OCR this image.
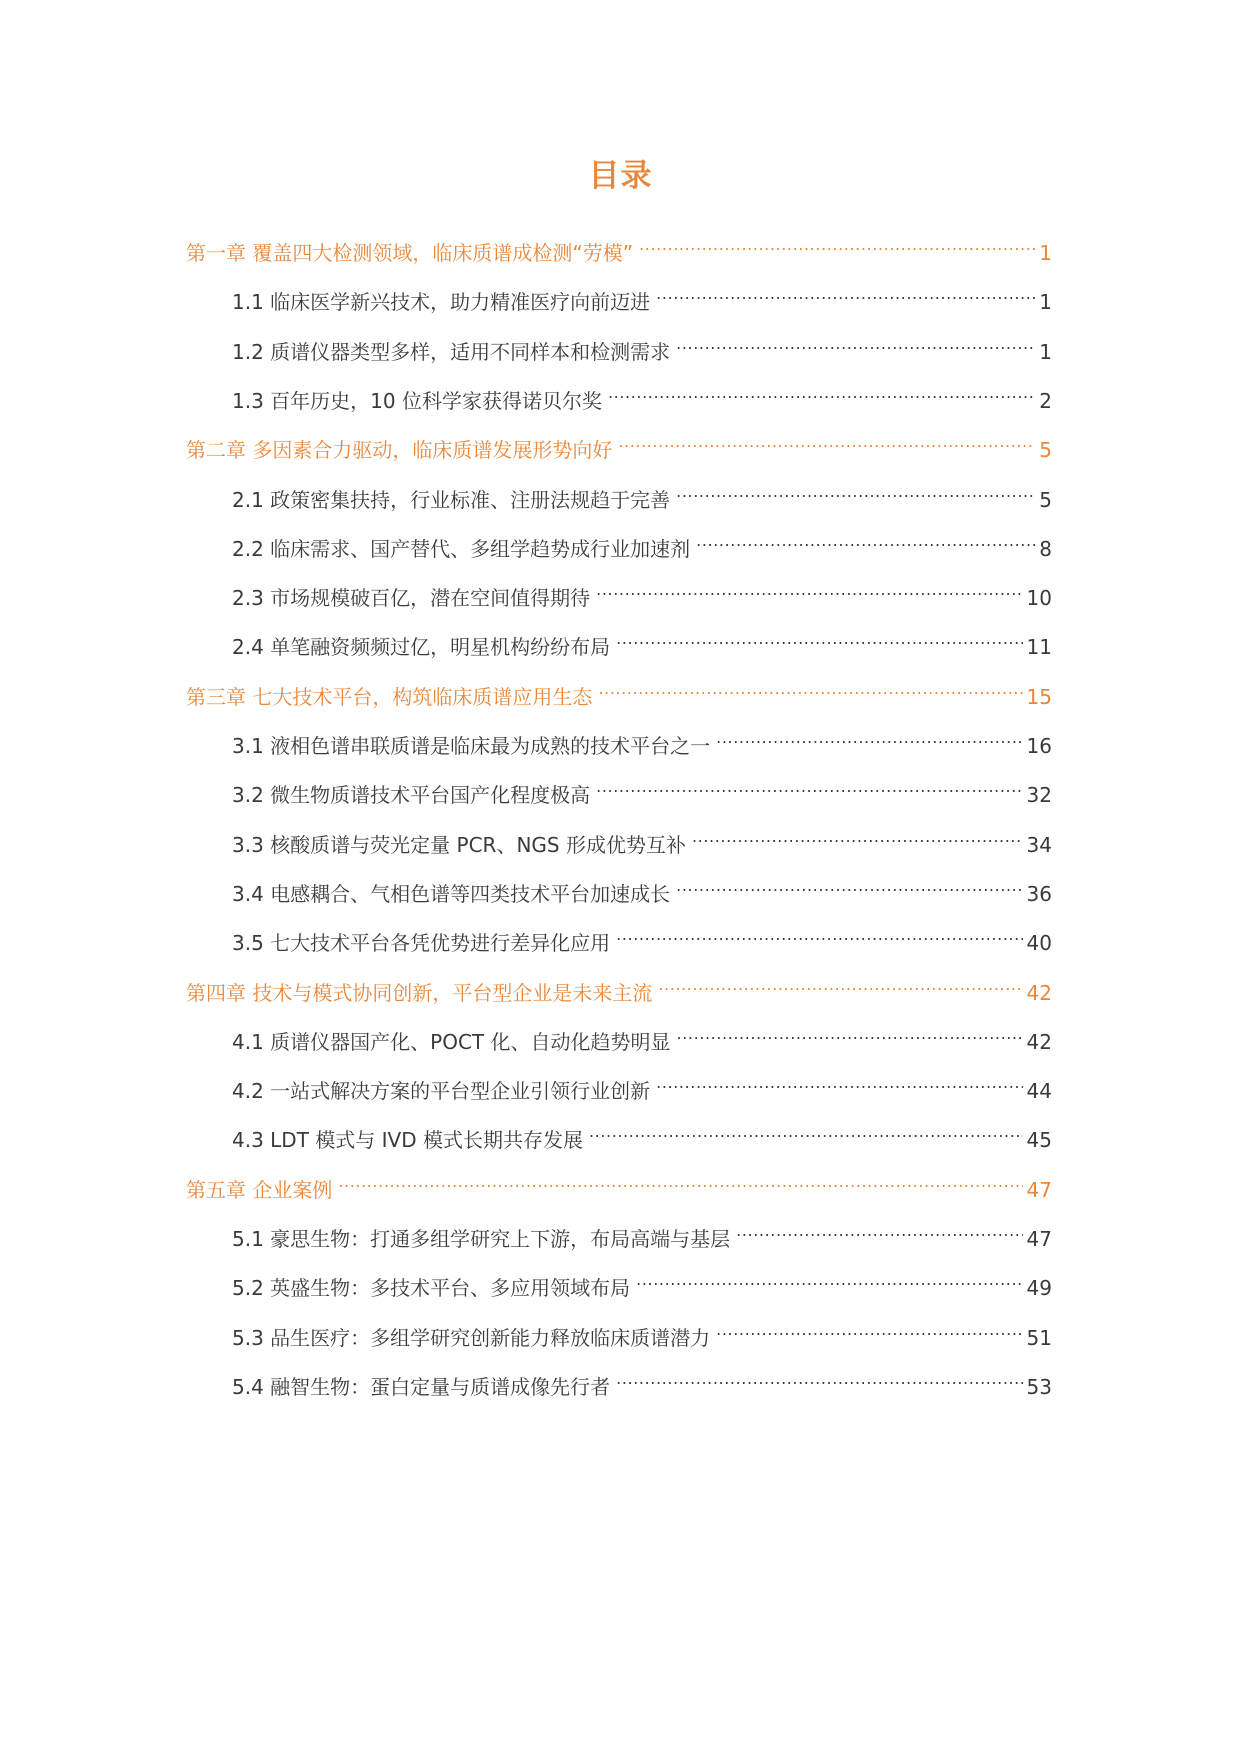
目录
第一章 覆盖四大检测领域，临床质谱成检测“劳模” .....	1
1.1 临床医学新兴技术，助力精准医疗向前迈进 .....	1
1.2 质谱仪器类型多样，适用不同样本和检测需求 .....	1
1.3 百年历史，10 位科学家获得诺贝尔奖 .....	2
第二章 多因素合力驱动，临床质谱发展形势向好 .....	5
2.1 政策密集扶持，行业标准、注册法规趋于完善 .....	5
2.2 临床需求、国产替代、多组学趋势成行业加速剂 .....	8
2.3 市场规模破百亿，潜在空间值得期待 .....	10
2.4 单笔融资频频过亿，明星机构纷纷布局 .....	11
第三章 七大技术平台，构筑临床质谱应用生态 .....	15
3.1 液相色谱串联质谱是临床最为成熟的技术平台之一 .....	16
3.2 微生物质谱技术平台国产化程度极高 .....	32
3.3 核酸质谱与荧光定量 PCR、NGS 形成优势互补 .....	34
3.4 电感耦合、气相色谱等四类技术平台加速成长 .....	36
3.5 七大技术平台各凭优势进行差异化应用 .....	40
第四章 技术与模式协同创新，平台型企业是未来主流 .....	42
4.1 质谱仪器国产化、POCT 化、自动化趋势明显 .....	42
4.2 一站式解决方案的平台型企业引领行业创新 .....	44
4.3 LDT 模式与 IVD 模式长期共存发展 .....	45
第五章 企业案例 .....	47
5.1 豪思生物：打通多组学研究上下游，布局高端与基层 .....	47
5.2 英盛生物：多技术平台、多应用领域布局 .....	49
5.3 品生医疗：多组学研究创新能力释放临床质谱潜力 .....	51
5.4 融智生物：蛋白定量与质谱成像先行者 .....	53
